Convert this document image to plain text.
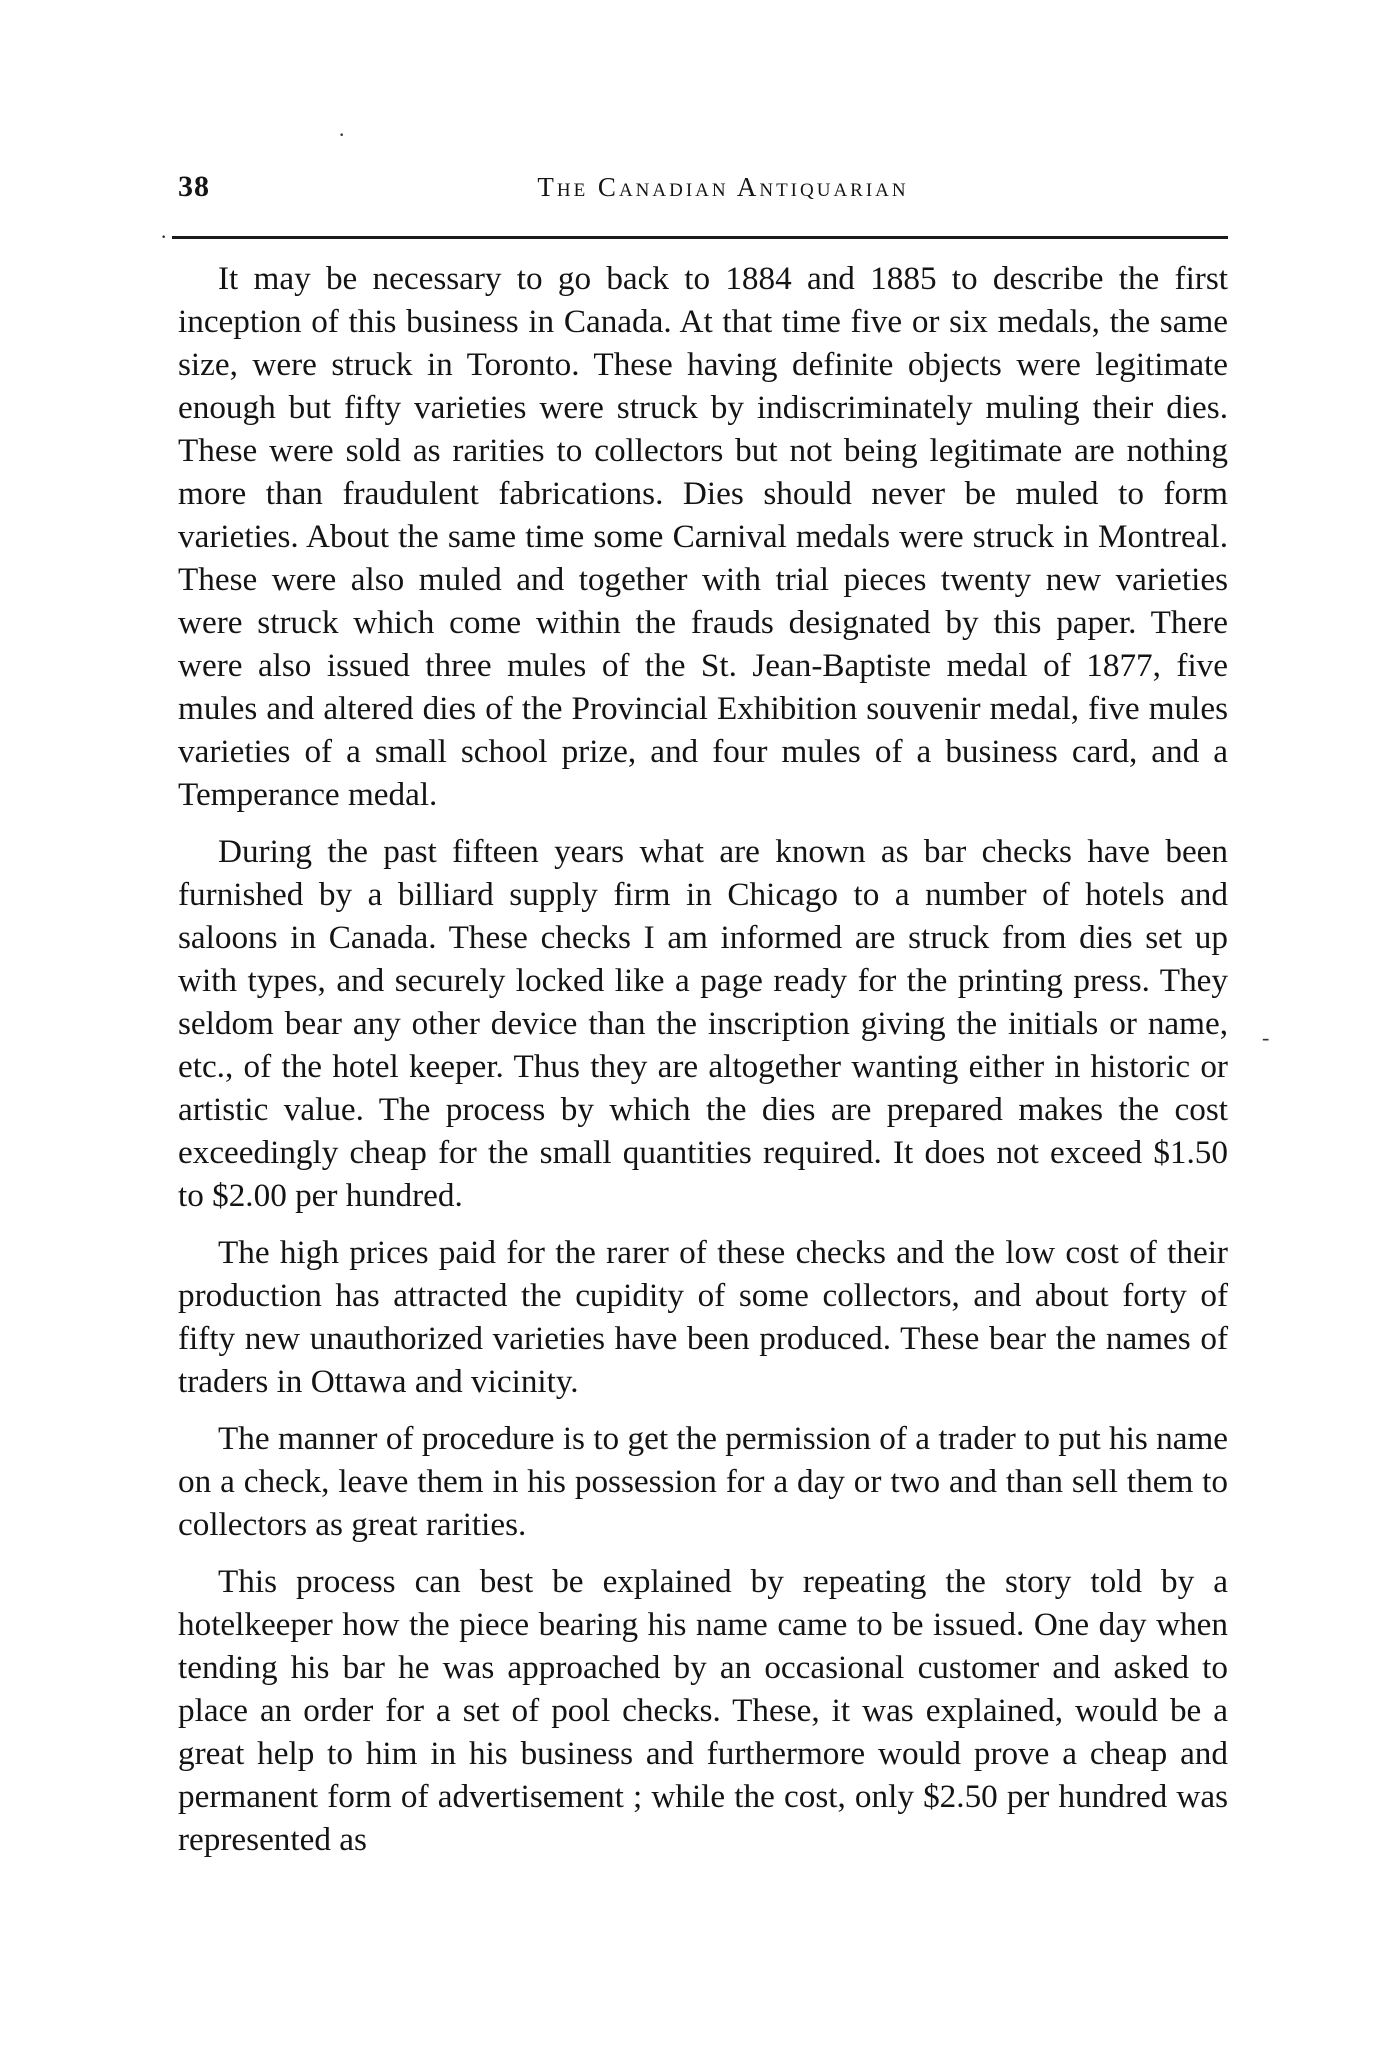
38	The Canadian Antiquarian

It may be necessary to go back to 1884 and 1885 to describe the first inception of this business in Canada. At that time five or six medals, the same size, were struck in Toronto. These having definite objects were legitimate enough but fifty varieties were struck by indiscriminately muling their dies. These were sold as rarities to collectors but not being legitimate are nothing more than fraudulent fabrications. Dies should never be muled to form varieties. About the same time some Carnival medals were struck in Montreal. These were also muled and together with trial pieces twenty new varieties were struck which come within the frauds designated by this paper. There were also issued three mules of the St. Jean-Baptiste medal of 1877, five mules and altered dies of the Provincial Exhibition souvenir medal, five mules varieties of a small school prize, and four mules of a business card, and a Temperance medal.

During the past fifteen years what are known as bar checks have been furnished by a billiard supply firm in Chicago to a number of hotels and saloons in Canada. These checks I am informed are struck from dies set up with types, and securely locked like a page ready for the printing press. They seldom bear any other device than the inscription giving the initials or name, etc., of the hotel keeper. Thus they are altogether wanting either in historic or artistic value. The process by which the dies are prepared makes the cost exceedingly cheap for the small quantities required. It does not exceed $1.50 to $2.00 per hundred.

The high prices paid for the rarer of these checks and the low cost of their production has attracted the cupidity of some collectors, and about forty of fifty new unauthorized varieties have been produced. These bear the names of traders in Ottawa and vicinity.

The manner of procedure is to get the permission of a trader to put his name on a check, leave them in his possession for a day or two and than sell them to collectors as great rarities.

This process can best be explained by repeating the story told by a hotelkeeper how the piece bearing his name came to be issued. One day when tending his bar he was approached by an occasional customer and asked to place an order for a set of pool checks. These, it was explained, would be a great help to him in his business and furthermore would prove a cheap and permanent form of advertisement ; while the cost, only $2.50 per hundred was represented as

·
·
-
